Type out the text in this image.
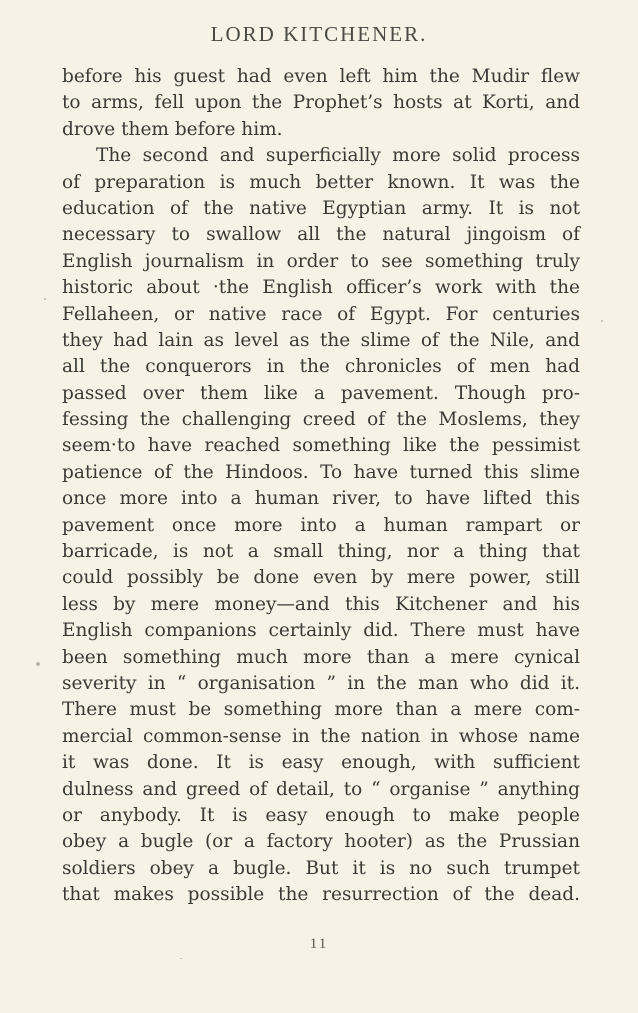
LORD KITCHENER.
before his guest had even left him the Mudir flew
to arms, fell upon the Prophet’s hosts at Korti, and
drove them before him.
The second and superficially more solid process
of preparation is much better known. It was the
education of the native Egyptian army. It is not
necessary to swallow all the natural jingoism of
English journalism in order to see something truly
historic about ·the English officer’s work with the
Fellaheen, or native race of Egypt. For centuries
they had lain as level as the slime of the Nile, and
all the conquerors in the chronicles of men had
passed over them like a pavement. Though pro-
fessing the challenging creed of the Moslems, they
seem·to have reached something like the pessimist
patience of the Hindoos. To have turned this slime
once more into a human river, to have lifted this
pavement once more into a human rampart or
barricade, is not a small thing, nor a thing that
could possibly be done even by mere power, still
less by mere money—and this Kitchener and his
English companions certainly did. There must have
been something much more than a mere cynical
severity in “ organisation ” in the man who did it.
There must be something more than a mere com-
mercial common-sense in the nation in whose name
it was done. It is easy enough, with sufficient
dulness and greed of detail, to “ organise ” anything
or anybody. It is easy enough to make people
obey a bugle (or a factory hooter) as the Prussian
soldiers obey a bugle. But it is no such trumpet
that makes possible the resurrection of the dead.
11
